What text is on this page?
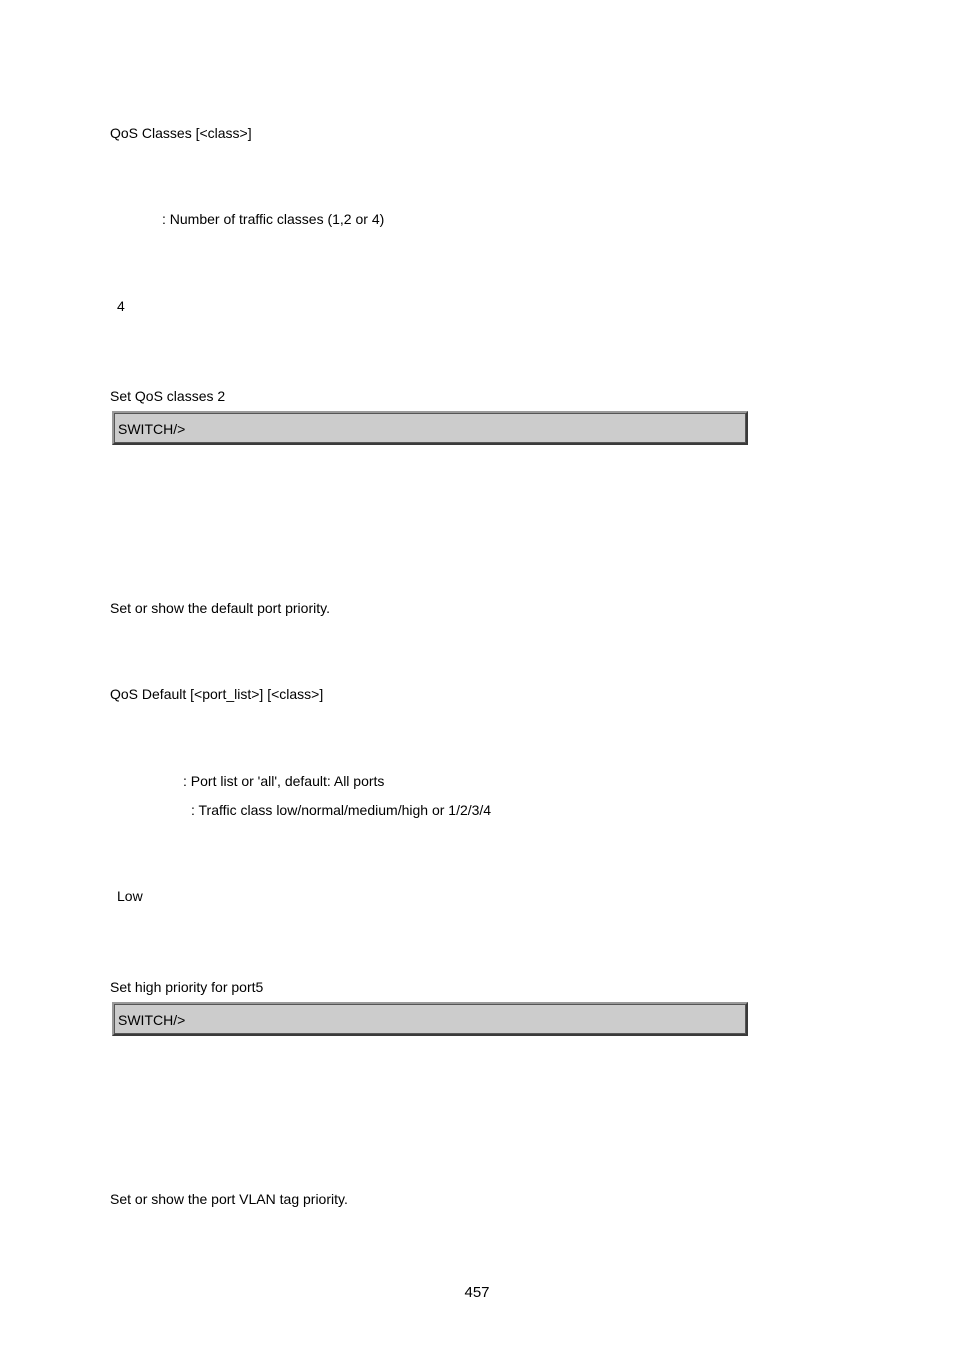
QoS Classes [<class>]
: Number of traffic classes (1,2 or 4)
4
Set QoS classes 2
SWITCH/>
Set or show the default port priority.
QoS Default [<port_list>] [<class>]
: Port list or 'all', default: All ports
: Traffic class low/normal/medium/high or 1/2/3/4
Low
Set high priority for port5
SWITCH/>
Set or show the port VLAN tag priority.
457
